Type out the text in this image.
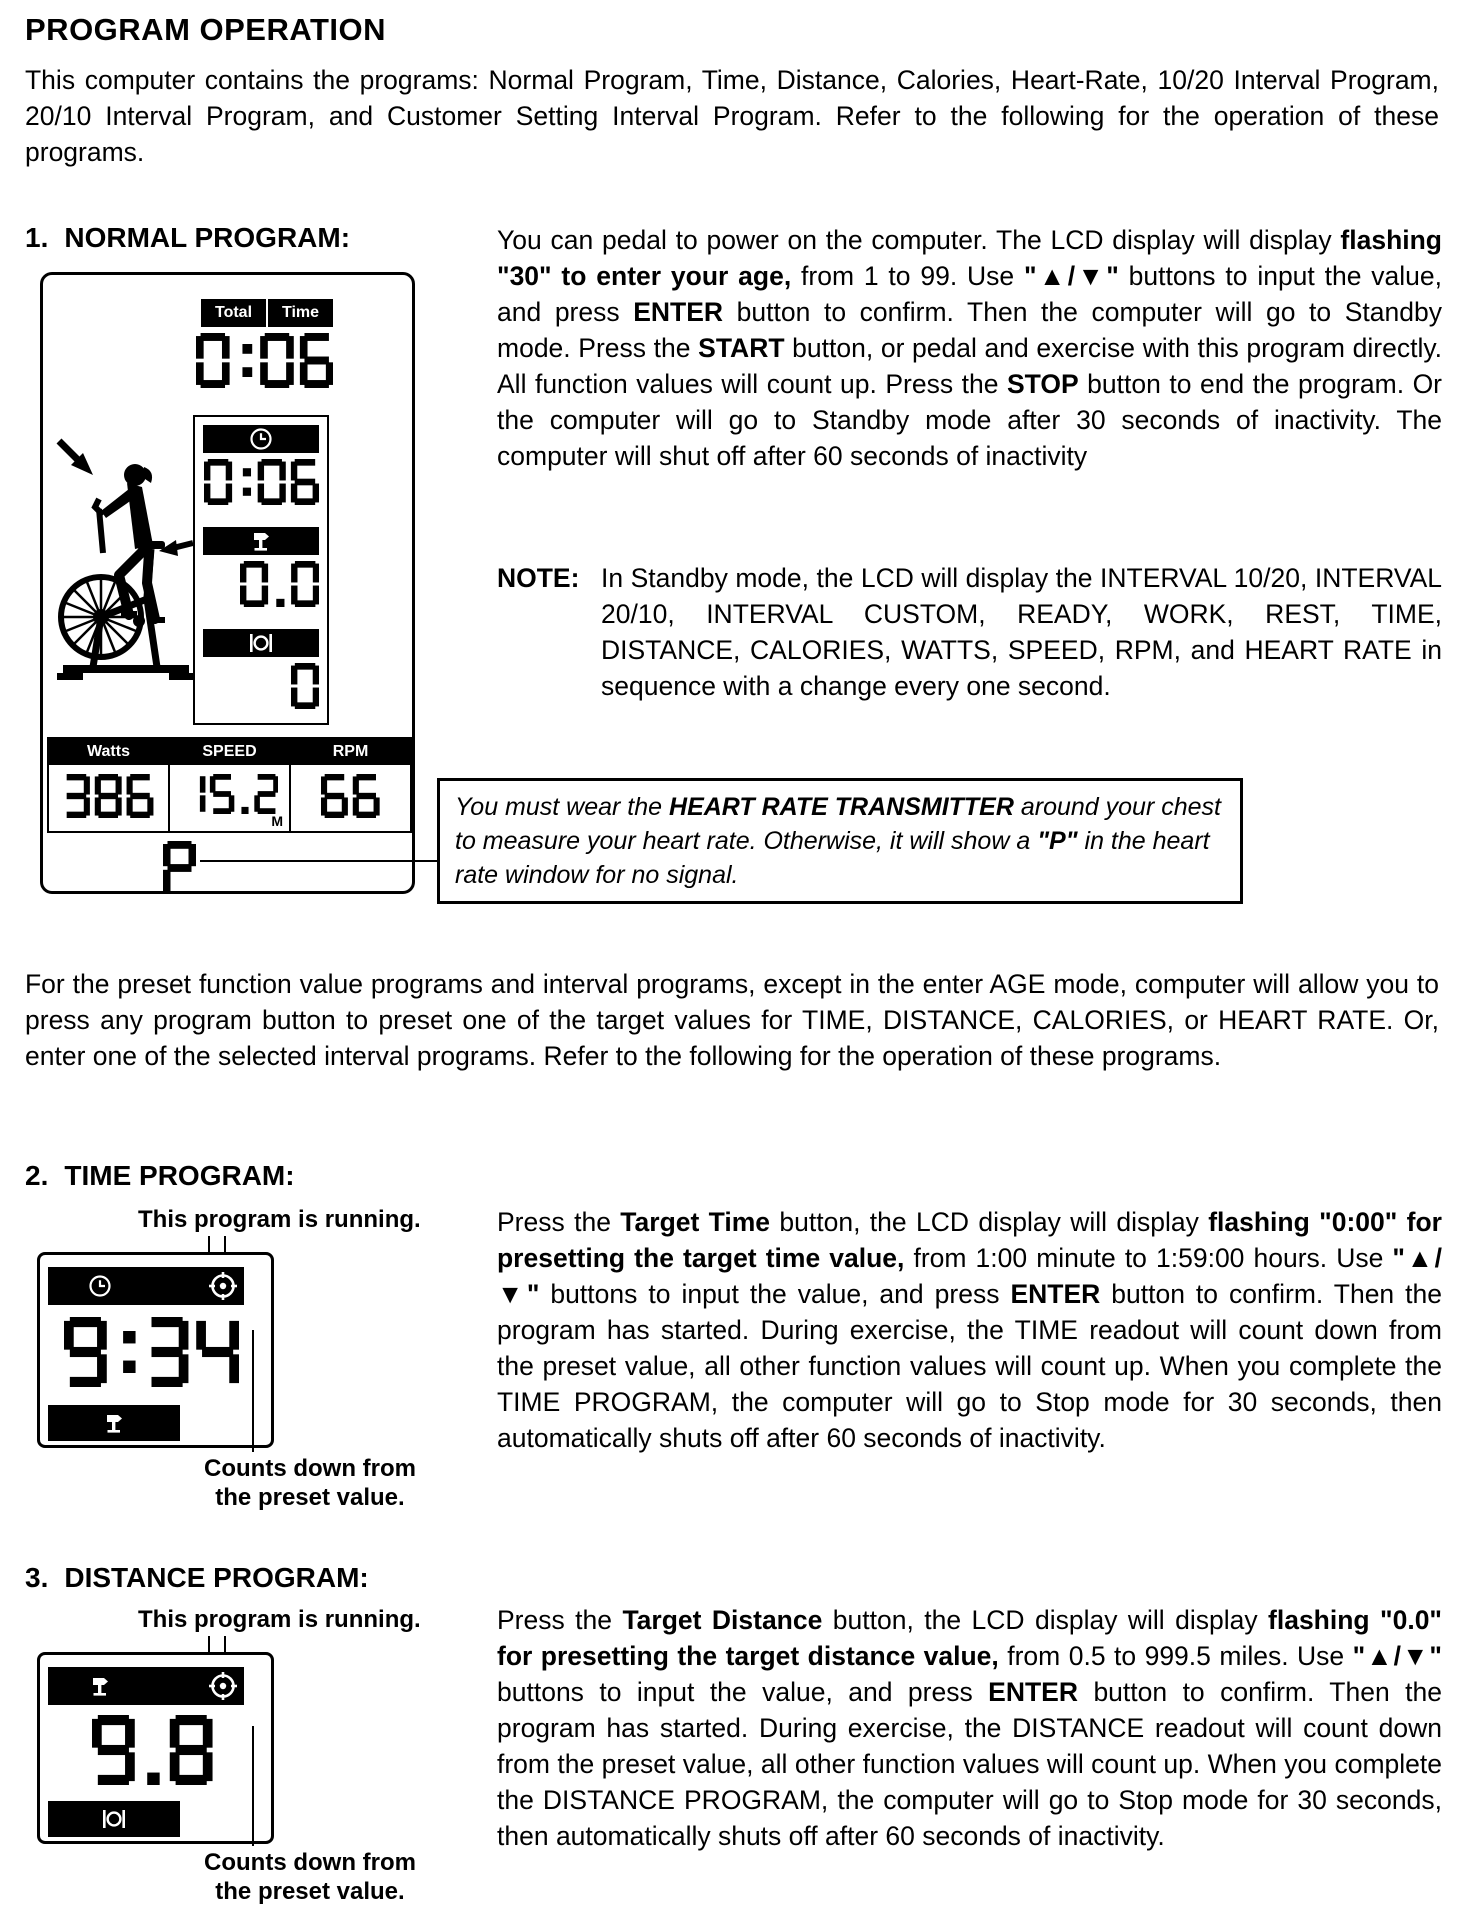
PROGRAM OPERATION

This computer contains the programs: Normal Program, Time, Distance, Calories, Heart-Rate, 10/20 Interval Program, 20/10 Interval Program, and Customer Setting Interval Program. Refer to the following for the operation of these programs.

1. NORMAL PROGRAM:
Total	Time
Watts	SPEED
M
RPM

You can pedal to power on the computer. The LCD display will display flashing "30" to enter your age, from 1 to 99. Use "▲/▼" buttons to input the value, and press ENTER button to confirm. Then the computer will go to Standby mode. Press the START button, or pedal and exercise with this program directly. All function values will count up. Press the STOP button to end the program. Or the computer will go to Standby mode after 30 seconds of inactivity. The computer will shut off after 60 seconds of inactivity

NOTE: In Standby mode, the LCD will display the INTERVAL 10/20, INTERVAL 20/10, INTERVAL CUSTOM, READY, WORK, REST, TIME, DISTANCE, CALORIES, WATTS, SPEED, RPM, and HEART RATE in sequence with a change every one second.

You must wear the HEART RATE TRANSMITTER around your chest to measure your heart rate. Otherwise, it will show a "P" in the heart rate window for no signal.

For the preset function value programs and interval programs, except in the enter AGE mode, computer will allow you to press any program button to preset one of the target values for TIME, DISTANCE, CALORIES, or HEART RATE. Or, enter one of the selected interval programs. Refer to the following for the operation of these programs.

2. TIME PROGRAM:
This program is running.
Counts down from
the preset value.

Press the Target Time button, the LCD display will display flashing "0:00" for presetting the target time value, from 1:00 minute to 1:59:00 hours. Use "▲/▼" buttons to input the value, and press ENTER button to confirm. Then the program has started. During exercise, the TIME readout will count down from the preset value, all other function values will count up. When you complete the TIME PROGRAM, the computer will go to Stop mode for 30 seconds, then automatically shuts off after 60 seconds of inactivity.

3. DISTANCE PROGRAM:
This program is running.
Counts down from
the preset value.

Press the Target Distance button, the LCD display will display flashing "0.0" for presetting the target distance value, from 0.5 to 999.5 miles. Use "▲/▼" buttons to input the value, and press ENTER button to confirm. Then the program has started. During exercise, the DISTANCE readout will count down from the preset value, all other function values will count up. When you complete the DISTANCE PROGRAM, the computer will go to Stop mode for 30 seconds, then automatically shuts off after 60 seconds of inactivity.
